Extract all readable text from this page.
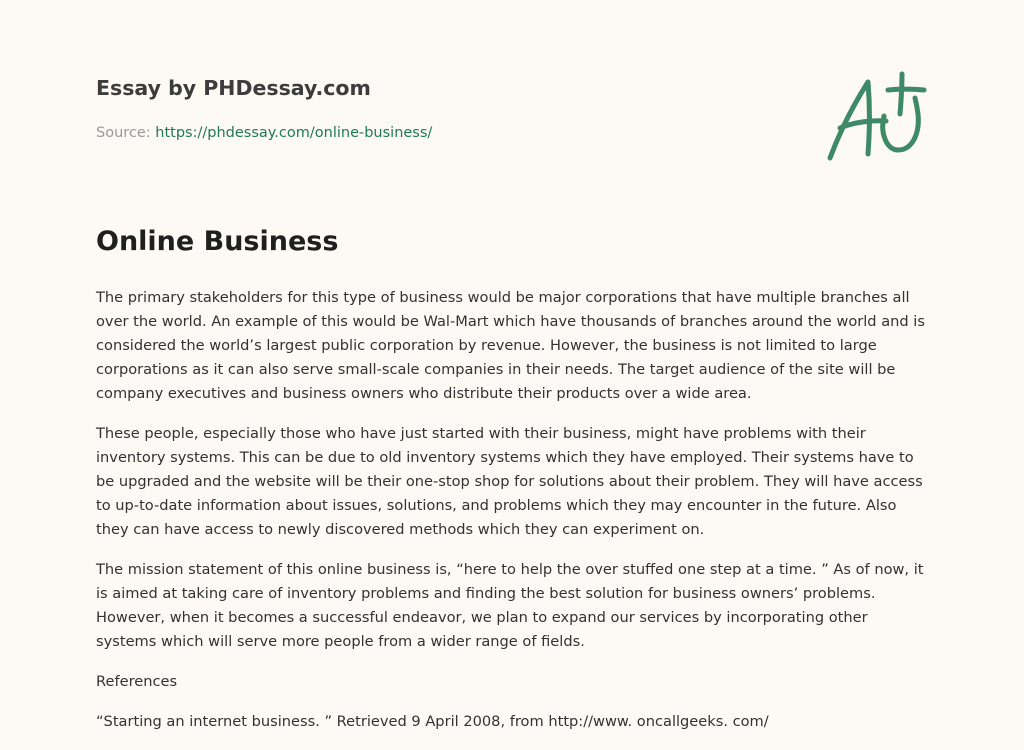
Essay by PHDessay.com
Source: https://phdessay.com/online-business/
Online Business

The primary stakeholders for this type of business would be major corporations that have multiple branches all over the world. An example of this would be Wal-Mart which have thousands of branches around the world and is considered the world’s largest public corporation by revenue. However, the business is not limited to large corporations as it can also serve small-scale companies in their needs. The target audience of the site will be company executives and business owners who distribute their products over a wide area.

These people, especially those who have just started with their business, might have problems with their inventory systems. This can be due to old inventory systems which they have employed. Their systems have to be upgraded and the website will be their one-stop shop for solutions about their problem. They will have access to up-to-date information about issues, solutions, and problems which they may encounter in the future. Also they can have access to newly discovered methods which they can experiment on.

The mission statement of this online business is, “here to help the over stuffed one step at a time. ” As of now, it is aimed at taking care of inventory problems and finding the best solution for business owners’ problems. However, when it becomes a successful endeavor, we plan to expand our services by incorporating other systems which will serve more people from a wider range of fields.

References

“Starting an internet business. ” Retrieved 9 April 2008, from http://www. oncallgeeks. com/
